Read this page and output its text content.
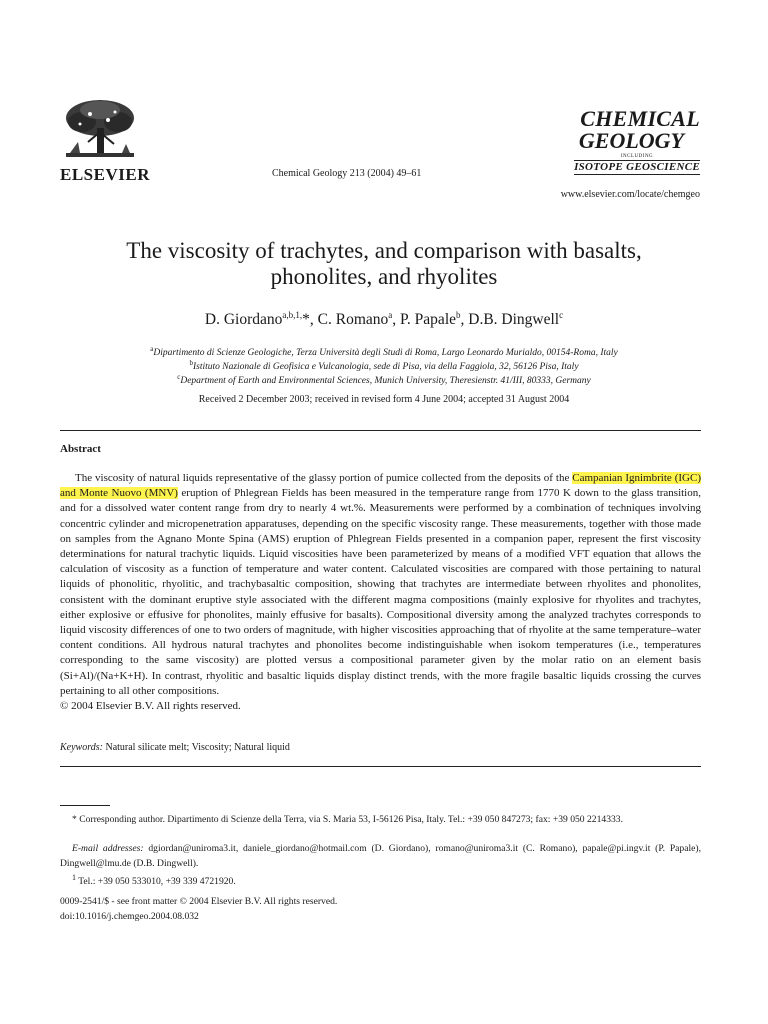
ELSEVIER	Chemical Geology 213 (2004) 49–61
CHEMICAL
GEOLOGY
INCLUDING
ISOTOPE GEOSCIENCE
www.elsevier.com/locate/chemgeo
The viscosity of trachytes, and comparison with basalts,
phonolites, and rhyolites
D. Giordano$^{a,b,1,}$*, C. Romano$^a$, P. Papale$^b$, D.B. Dingwell$^c$
$^a$Dipartimento di Scienze Geologiche, Terza Università degli Studi di Roma, Largo Leonardo Murialdo, 00154-Roma, Italy
$^b$Istituto Nazionale di Geofisica e Vulcanologia, sede di Pisa, via della Faggiola, 32, 56126 Pisa, Italy
$^c$Department of Earth and Environmental Sciences, Munich University, Theresienstr. 41/III, 80333, Germany
Received 2 December 2003; received in revised form 4 June 2004; accepted 31 August 2004
Abstract

The viscosity of natural liquids representative of the glassy portion of pumice collected from the deposits of the Campanian Ignimbrite (IGC) and Monte Nuovo (MNV) eruption of Phlegrean Fields has been measured in the temperature range from 1770 K down to the glass transition, and for a dissolved water content range from dry to nearly 4 wt.%. Measurements were performed by a combination of techniques involving concentric cylinder and micropenetration apparatuses, depending on the specific viscosity range. These measurements, together with those made on samples from the Agnano Monte Spina (AMS) eruption of Phlegrean Fields presented in a companion paper, represent the first viscosity determinations for natural trachytic liquids. Liquid viscosities have been parameterized by means of a modified VFT equation that allows the calculation of viscosity as a function of temperature and water content. Calculated viscosities are compared with those pertaining to natural liquids of phonolitic, rhyolitic, and trachybasaltic composition, showing that trachytes are intermediate between rhyolites and phonolites, consistent with the dominant eruptive style associated with the different magma compositions (mainly explosive for rhyolites and trachytes, either explosive or effusive for phonolites, mainly effusive for basalts). Compositional diversity among the analyzed trachytes corresponds to liquid viscosity differences of one to two orders of magnitude, with higher viscosities approaching that of rhyolite at the same temperature–water content conditions. All hydrous natural trachytes and phonolites become indistinguishable when isokom temperatures (i.e., temperatures corresponding to the same viscosity) are plotted versus a compositional parameter given by the molar ratio on an element basis (Si+Al)/(Na+K+H). In contrast, rhyolitic and basaltic liquids display distinct trends, with the more fragile basaltic liquids crossing the curves pertaining to all other compositions.
© 2004 Elsevier B.V. All rights reserved.

Keywords: Natural silicate melt; Viscosity; Natural liquid
* Corresponding author. Dipartimento di Scienze della Terra, via S. Maria 53, I-56126 Pisa, Italy. Tel.: +39 050 847273; fax: +39 050 2214333.
E-mail addresses: dgiordan@uniroma3.it, daniele_giordano@hotmail.com (D. Giordano), romano@uniroma3.it (C. Romano), papale@pi.ingv.it (P. Papale), Dingwell@lmu.de (D.B. Dingwell).
$^1$ Tel.: +39 050 533010, +39 339 4721920.
0009-2541/$ - see front matter © 2004 Elsevier B.V. All rights reserved.
doi:10.1016/j.chemgeo.2004.08.032
